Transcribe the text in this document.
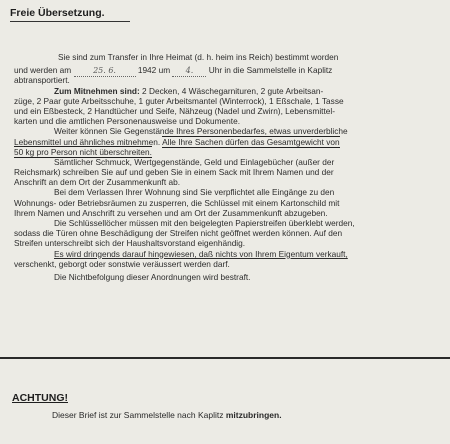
Freie Übersetzung.
Sie sind zum Transfer in Ihre Heimat (d. h. heim ins Reich) bestimmt worden
und werden am	25. 6.	1942 um 4. Uhr in die Sammelstelle in Kaplitz
abtransportiert.
Zum Mitnehmen sind: 2 Decken, 4 Wäschegarnituren, 2 gute Arbeitsan-
züge, 2 Paar gute Arbeitsschuhe, 1 guter Arbeitsmantel (Winterrock), 1 Eßschale, 1 Tasse
und ein Eßbesteck, 2 Handtücher und Seife, Nähzeug (Nadel und Zwirn), Lebensmittel-
karten und die amtlichen Personenausweise und Dokumente.
Weiter können Sie Gegenstände Ihres Personenbedarfes, etwas unverderbliche
Lebensmittel und ähnliches mitnehmen. Alle Ihre Sachen dürfen das Gesamtgewicht von
50 kg pro Person nicht überschreiten.
Sämtlicher Schmuck, Wertgegenstände, Geld und Einlagebücher (außer der
Reichsmark) schreiben Sie auf und geben Sie in einem Sack mit Ihrem Namen und der
Anschrift an dem Ort der Zusammenkunft ab.
Bei dem Verlassen Ihrer Wohnung sind Sie verpflichtet alle Eingänge zu den
Wohnungs- oder Betriebsräumen zu zusperren, die Schlüssel mit einem Kartonschild mit
Ihrem Namen und Anschrift zu versehen und am Ort der Zusammenkunft abzugeben.
Die Schlüssellöcher müssen mit den beigelegten Papierstreifen überklebt werden,
sodass die Türen ohne Beschädigung der Streifen nicht geöffnet werden können. Auf den
Streifen unterschreibt sich der Haushaltsvorstand eigenhändig.
Es wird dringends darauf hingewiesen, daß nichts von Ihrem Eigentum verkauft,
verschenkt, geborgt oder sonstwie veräussert werden darf.
Die Nichtbefolgung dieser Anordnungen wird bestraft.
ACHTUNG!
Dieser Brief ist zur Sammelstelle nach Kaplitz mitzubringen.
